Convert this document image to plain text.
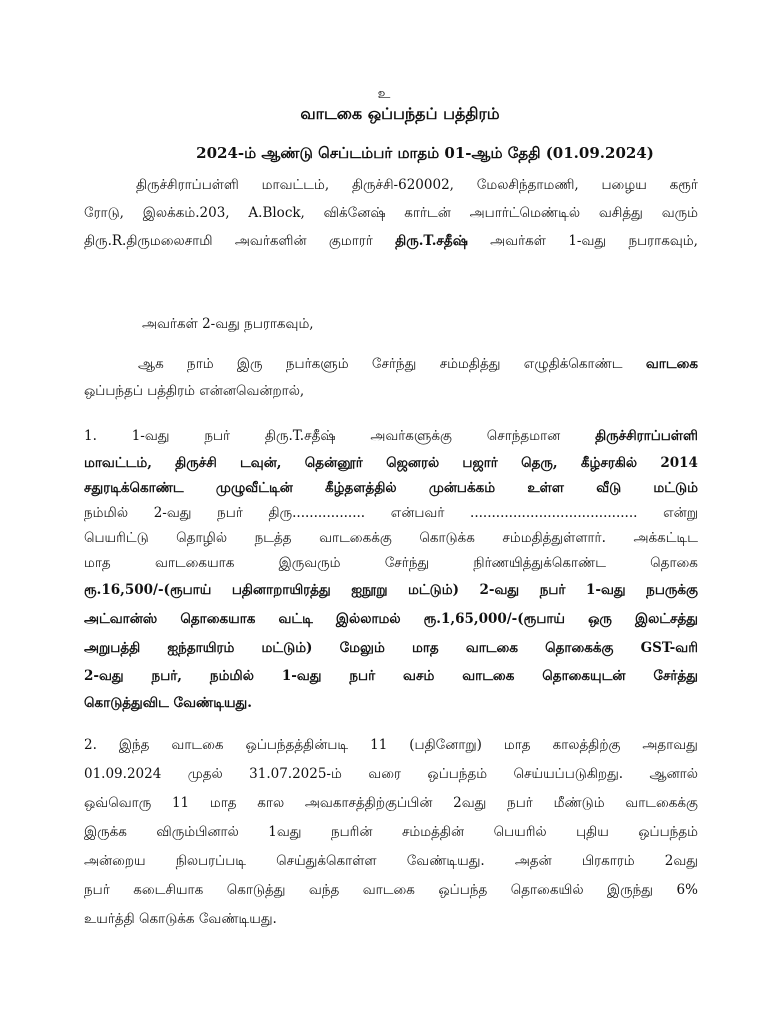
உ
வாடகை ஒப்பந்தப் பத்திரம்
2024-ம் ஆண்டு செப்டம்பர் மாதம் 01-ஆம் தேதி (01.09.2024)
திருச்சிராப்பள்ளி மாவட்டம், திருச்சி-620002, மேலசிந்தாமணி, பழைய கரூர்
ரோடு, இலக்கம்.203, A.Block, விக்னேஷ் கார்டன் அபார்ட்மெண்டில் வசித்து வரும்
திரு.R.திருமலைசாமி அவர்களின் குமாரர் திரு.T.சதீஷ் அவர்கள் 1-வது நபராகவும்,
அவர்கள் 2-வது நபராகவும்,
ஆக நாம் இரு நபர்களும் சேர்ந்து சம்மதித்து எழுதிக்கொண்ட வாடகை
ஒப்பந்தப் பத்திரம் என்னவென்றால்,
1.	1-வது	நபர்	திரு.T.சதீஷ்	அவர்களுக்கு	சொந்தமான	திருச்சிராப்பள்ளி
மாவட்டம், திருச்சி டவுன், தென்னூர் ஜெனரல் பஜார் தெரு, கீழ்சரகில் 2014
சதுரடிக்கொண்ட முழுவீட்டின் கீழ்தளத்தில் முன்பக்கம் உள்ள வீடு மட்டும்
நம்மில் 2-வது நபர் திரு................. என்பவர் ....................................... என்று
பெயரிட்டு தொழில் நடத்த வாடகைக்கு கொடுக்க சம்மதித்துள்ளார். அக்கட்டிட
மாத	வாடகையாக	இருவரும்	சேர்ந்து	நிர்ணயித்துக்கொண்ட	தொகை
ரூ.16,500/-(ரூபாய் பதினாறாயிரத்து ஐநூறு மட்டும்) 2-வது நபர் 1-வது நபருக்கு
அட்வான்ஸ் தொகையாக வட்டி இல்லாமல் ரூ.1,65,000/-(ரூபாய் ஒரு இலட்சத்து
அறுபத்தி ஐந்தாயிரம் மட்டும்) மேலும் மாத வாடகை தொகைக்கு GST-வரி
2-வது நபர், நம்மில் 1-வது நபர் வசம் வாடகை தொகையுடன் சேர்த்து
கொடுத்துவிட வேண்டியது.
2. இந்த வாடகை ஒப்பந்தத்தின்படி 11 (பதினோறு) மாத காலத்திற்கு அதாவது
01.09.2024 முதல் 31.07.2025-ம் வரை ஒப்பந்தம் செய்யப்படுகிறது. ஆனால்
ஒவ்வொரு 11 மாத கால அவகாசத்திற்குப்பின் 2வது நபர் மீண்டும் வாடகைக்கு
இருக்க விரும்பினால் 1வது நபரின் சம்மத்தின் பெயரில் புதிய ஒப்பந்தம்
அன்றைய நிலபரப்படி செய்துக்கொள்ள வேண்டியது. அதன் பிரகாரம் 2வது
நபர் கடைசியாக கொடுத்து வந்த வாடகை ஒப்பந்த தொகையில் இருந்து 6%
உயர்த்தி கொடுக்க வேண்டியது.
